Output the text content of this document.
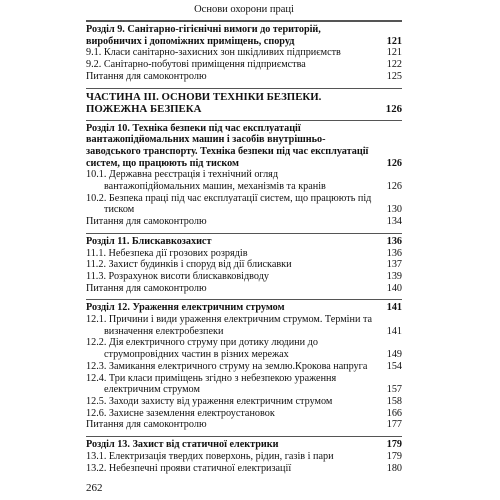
Основи охорони праці
Розділ 9. Санітарно-гігієнічні вимоги до територій, виробничих і допоміжних приміщень, споруд	121
9.1. Класи санітарно-захисних зон шкідливих підприємств	121
9.2. Санітарно-побутові приміщення підприємства	122
Питання для самоконтролю	125
ЧАСТИНА ІІІ. ОСНОВИ ТЕХНІКИ БЕЗПЕКИ. ПОЖЕЖНА БЕЗПЕКА	126
Розділ 10. Техніка безпеки під час експлуатації вантажопідйомальних машин і засобів внутрішньо-заводського транспорту. Техніка безпеки під час експлуатації систем, що працюють під тиском	126
10.1. Державна реєстрація і технічний огляд вантажопідйомальних машин, механізмів та кранів	126
10.2. Безпека праці під час експлуатації систем, що працюють під тиском	130
Питання для самоконтролю	134
Розділ 11. Блискавкозахист	136
11.1. Небезпека дії грозових розрядів	136
11.2. Захист будинків і споруд від дії блискавки	137
11.3. Розрахунок висоти блискавковідводу	139
Питання для самоконтролю	140
Розділ 12. Ураження електричним струмом	141
12.1. Причини і види ураження електричним струмом. Терміни та визначення електробезпеки	141
12.2. Дія електричного струму при дотику людини до струмопровідних частин в різних мережах	149
12.3. Замикання електричного струму на землю.Крокова напруга	154
12.4. Три класи приміщень згідно з небезпекою ураження електричним струмом	157
12.5. Заходи захисту від ураження електричним струмом	158
12.6. Захисне заземлення електроустановок	166
Питання для самоконтролю	177
Розділ 13. Захист від статичної електрики	179
13.1. Електризація твердих поверхонь, рідин, газів і пари	179
13.2. Небезпечні прояви статичної електризації	180
262
